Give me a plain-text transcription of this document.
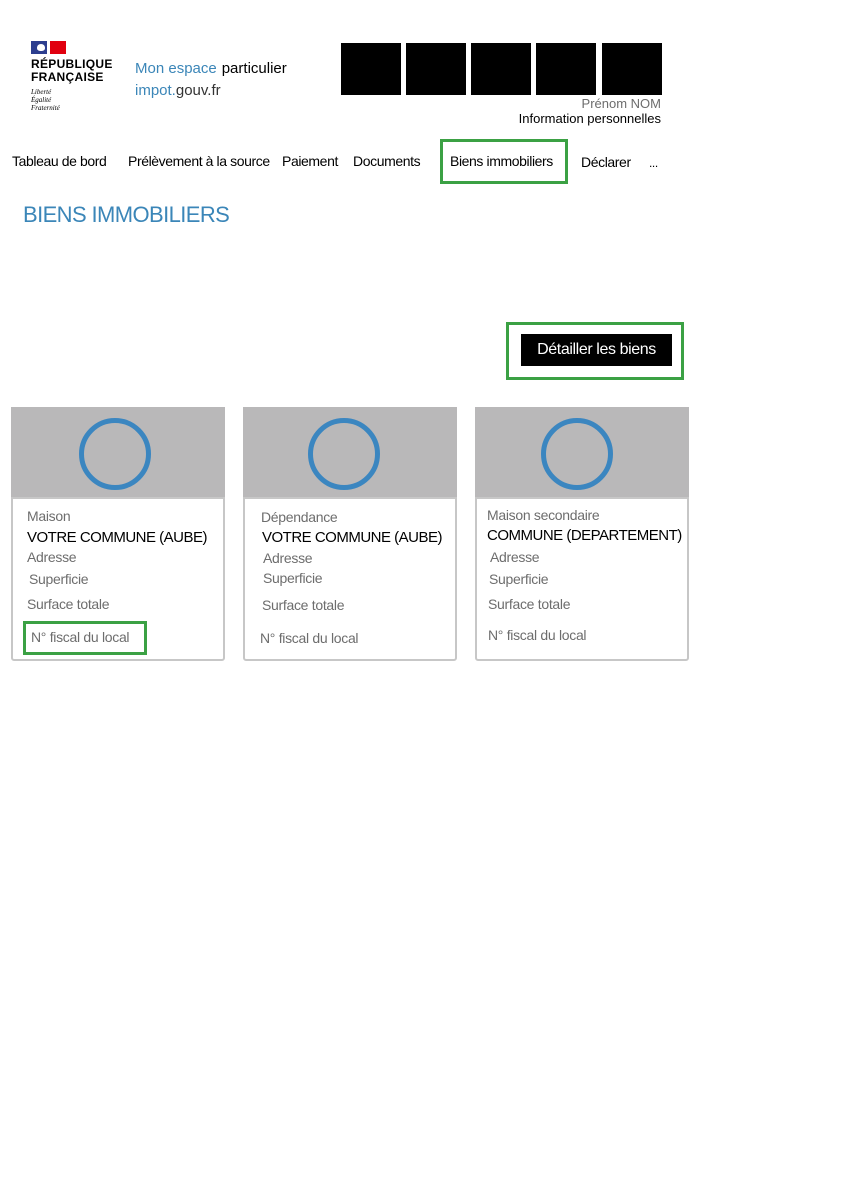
RÉPUBLIQUE
FRANÇAISE
Liberté
Égalité
Fraternité
Mon espace particulier
impot.gouv.fr
Prénom NOM
Information personnelles
Tableau de bord Prélèvement à la source Paiement Documents Biens immobiliers Déclarer ...
BIENS IMMOBILIERS
Détailler les biens
Maison
VOTRE COMMUNE (AUBE)
Adresse
Superficie
Surface totale
N° fiscal du local
Dépendance
VOTRE COMMUNE (AUBE)
Adresse
Superficie
Surface totale
N° fiscal du local
Maison secondaire
COMMUNE (DEPARTEMENT)
Adresse
Superficie
Surface totale
N° fiscal du local
